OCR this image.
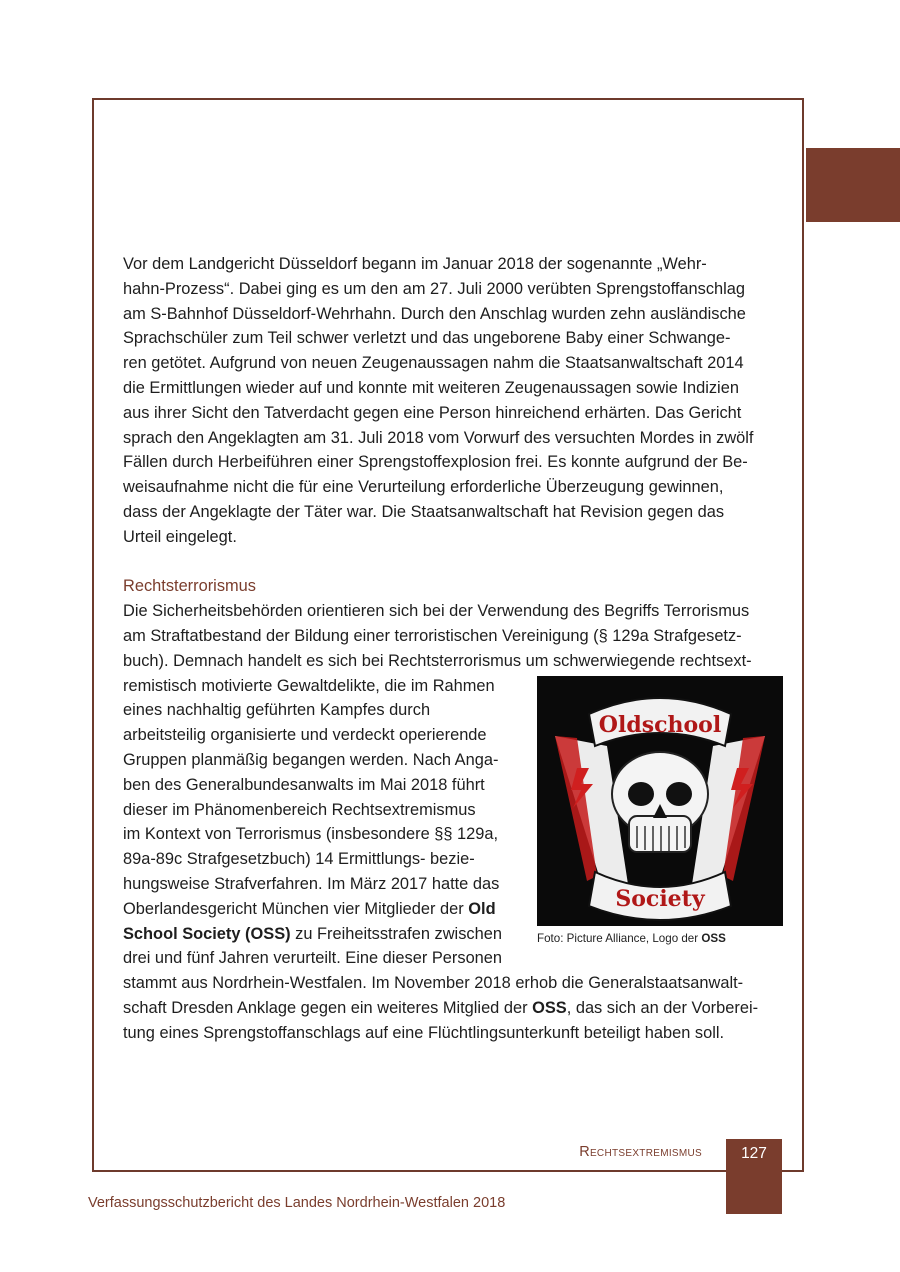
Vor dem Landgericht Düsseldorf begann im Januar 2018 der sogenannte „Wehr-
hahn-Prozess“. Dabei ging es um den am 27. Juli 2000 verübten Sprengstoffanschlag
am S-Bahnhof Düsseldorf-Wehrhahn. Durch den Anschlag wurden zehn ausländische
Sprachschüler zum Teil schwer verletzt und das ungeborene Baby einer Schwange-
ren getötet. Aufgrund von neuen Zeugenaussagen nahm die Staatsanwaltschaft 2014
die Ermittlungen wieder auf und konnte mit weiteren Zeugenaussagen sowie Indizien
aus ihrer Sicht den Tatverdacht gegen eine Person hinreichend erhärten. Das Gericht
sprach den Angeklagten am 31. Juli 2018 vom Vorwurf des versuchten Mordes in zwölf
Fällen durch Herbeiführen einer Sprengstoffexplosion frei. Es konnte aufgrund der Be-
weisaufnahme nicht die für eine Verurteilung erforderliche Überzeugung gewinnen,
dass der Angeklagte der Täter war. Die Staatsanwaltschaft hat Revision gegen das
Urteil eingelegt.

Rechtsterrorismus

Die Sicherheitsbehörden orientieren sich bei der Verwendung des Begriffs Terrorismus
am Straftatbestand der Bildung einer terroristischen Vereinigung (§ 129a Strafgesetz-
buch). Demnach handelt es sich bei Rechtsterrorismus um schwerwiegende rechtsext-

Oldschool
Society
Foto: Picture Alliance, Logo der OSS

remistisch motivierte Gewaltdelikte, die im Rahmen
eines nachhaltig geführten Kampfes durch
arbeitsteilig organisierte und verdeckt operierende
Gruppen planmäßig begangen werden. Nach Anga-
ben des Generalbundesanwalts im Mai 2018 führt
dieser im Phänomenbereich Rechtsextremismus
im Kontext von Terrorismus (insbesondere §§ 129a,
89a-89c Strafgesetzbuch) 14 Ermittlungs- bezie-
hungsweise Strafverfahren. Im März 2017 hatte das
Oberlandesgericht München vier Mitglieder der Old
School Society (OSS) zu Freiheitsstrafen zwischen
drei und fünf Jahren verurteilt. Eine dieser Personen
stammt aus Nordrhein-Westfalen. Im November 2018 erhob die Generalstaatsanwalt-
schaft Dresden Anklage gegen ein weiteres Mitglied der OSS, das sich an der Vorberei-
tung eines Sprengstoffanschlags auf eine Flüchtlingsunterkunft beteiligt haben soll.

Rechtsextremismus	127
Verfassungsschutzbericht des Landes Nordrhein-Westfalen 2018
